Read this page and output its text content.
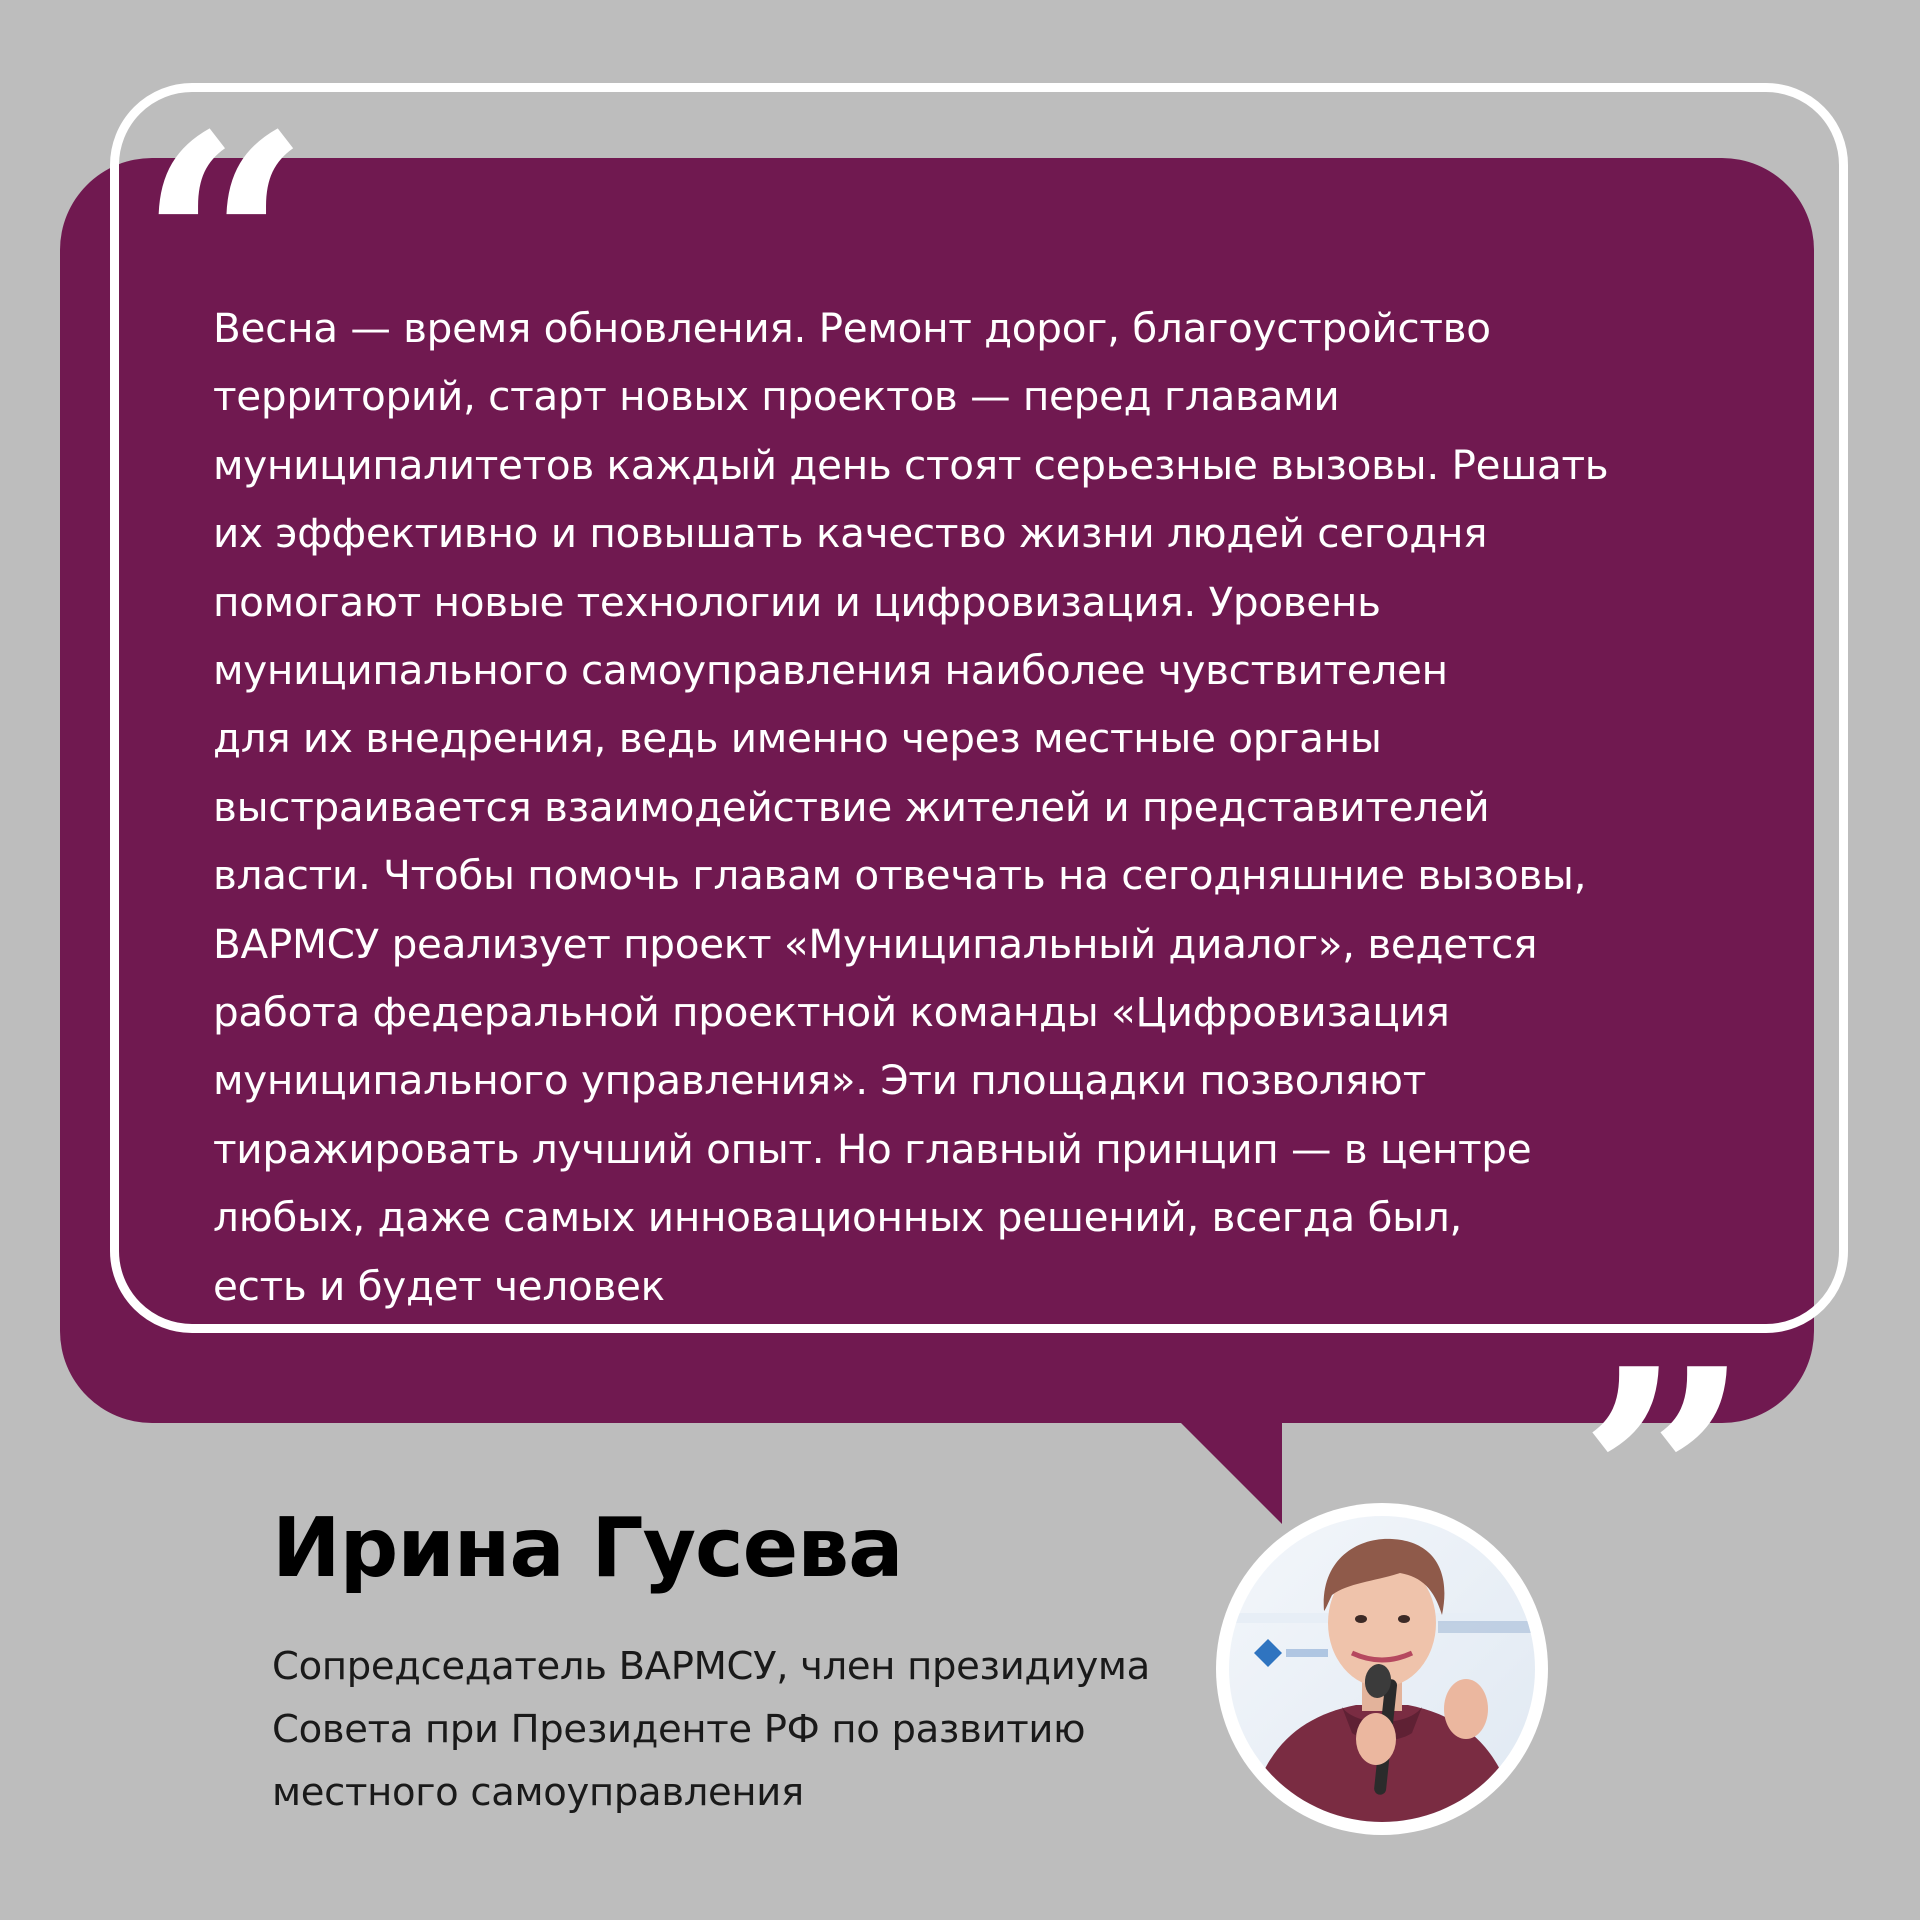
“
Весна — время обновления. Ремонт дорог, благоустройство
территорий, старт новых проектов — перед главами
муниципалитетов каждый день стоят серьезные вызовы. Решать
их эффективно и повышать качество жизни людей сегодня
помогают новые технологии и цифровизация. Уровень
муниципального самоуправления наиболее чувствителен
для их внедрения, ведь именно через местные органы
выстраивается взаимодействие жителей и представителей
власти. Чтобы помочь главам отвечать на сегодняшние вызовы,
ВАРМСУ реализует проект «Муниципальный диалог», ведется
работа федеральной проектной команды «Цифровизация
муниципального управления». Эти площадки позволяют
тиражировать лучший опыт. Но главный принцип — в центре
любых, даже самых инновационных решений, всегда был,
есть и будет человек
”
Ирина Гусева
Сопредседатель ВАРМСУ, член президиума
Совета при Президенте РФ по развитию
местного самоуправления
